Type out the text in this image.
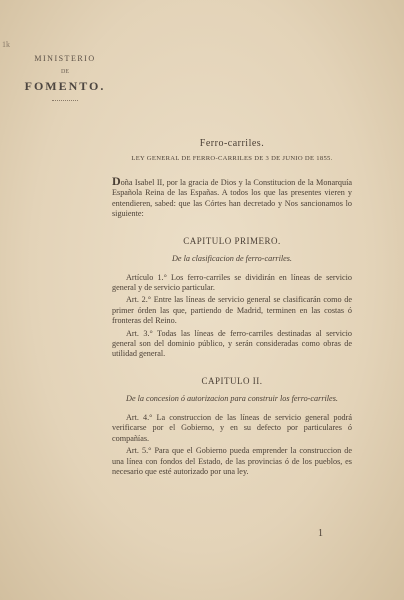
1k
MINISTERIO
DE
FOMENTO.
Ferro-carriles.
LEY GENERAL DE FERRO-CARRILES DE 3 DE JUNIO DE 1855.
Doña Isabel II, por la gracia de Dios y la Constitucion de la Monarquía Española Reina de las Españas. A todos los que las presentes vieren y entendieren, sabed: que las Córtes han decretado y Nos sancionamos lo siguiente:
CAPITULO PRIMERO.
De la clasificacion de ferro-carriles.

Artículo 1.° Los ferro-carriles se dividirán en líneas de servicio general y de servicio particular.

Art. 2.° Entre las líneas de servicio general se clasificarán como de primer órden las que, partiendo de Madrid, terminen en las costas ó fronteras del Reino.

Art. 3.° Todas las líneas de ferro-carriles destinadas al servicio general son del dominio público, y serán consideradas como obras de utilidad general.

CAPITULO II.
De la concesion ó autorizacion para construir los ferro-carriles.

Art. 4.° La construccion de las líneas de servicio general podrá verificarse por el Gobierno, y en su defecto por particulares ó compañías.

Art. 5.° Para que el Gobierno pueda emprender la construccion de una línea con fondos del Estado, de las provincias ó de los pueblos, es necesario que esté autorizado por una ley.

1
